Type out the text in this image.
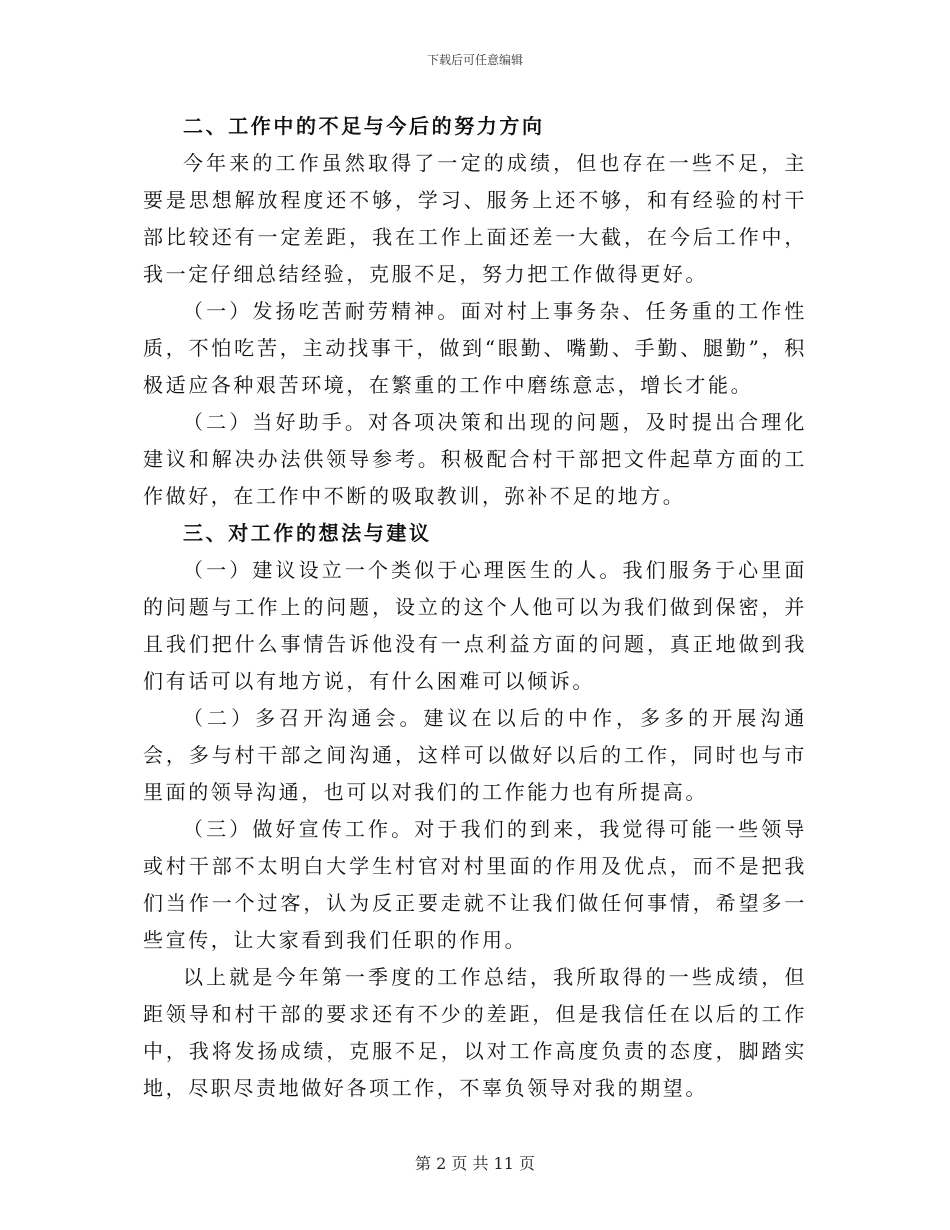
下载后可任意编辑

二、工作中的不足与今后的努力方向

今年来的工作虽然取得了一定的成绩，但也存在一些不足，主要是思想解放程度还不够，学习、服务上还不够，和有经验的村干部比较还有一定差距，我在工作上面还差一大截，在今后工作中，我一定仔细总结经验，克服不足，努力把工作做得更好。

（一）发扬吃苦耐劳精神。面对村上事务杂、任务重的工作性质，不怕吃苦，主动找事干，做到“眼勤、嘴勤、手勤、腿勤”，积极适应各种艰苦环境，在繁重的工作中磨练意志，增长才能。

（二）当好助手。对各项决策和出现的问题，及时提出合理化建议和解决办法供领导参考。积极配合村干部把文件起草方面的工作做好，在工作中不断的吸取教训，弥补不足的地方。

三、对工作的想法与建议

（一）建议设立一个类似于心理医生的人。我们服务于心里面的问题与工作上的问题，设立的这个人他可以为我们做到保密，并且我们把什么事情告诉他没有一点利益方面的问题，真正地做到我们有话可以有地方说，有什么困难可以倾诉。

（二）多召开沟通会。建议在以后的中作，多多的开展沟通会，多与村干部之间沟通，这样可以做好以后的工作，同时也与市里面的领导沟通，也可以对我们的工作能力也有所提高。

（三）做好宣传工作。对于我们的到来，我觉得可能一些领导或村干部不太明白大学生村官对村里面的作用及优点，而不是把我们当作一个过客，认为反正要走就不让我们做任何事情，希望多一些宣传，让大家看到我们任职的作用。

以上就是今年第一季度的工作总结，我所取得的一些成绩，但距领导和村干部的要求还有不少的差距，但是我信任在以后的工作中，我将发扬成绩，克服不足，以对工作高度负责的态度，脚踏实地，尽职尽责地做好各项工作，不辜负领导对我的期望。

第 2 页 共 11 页
